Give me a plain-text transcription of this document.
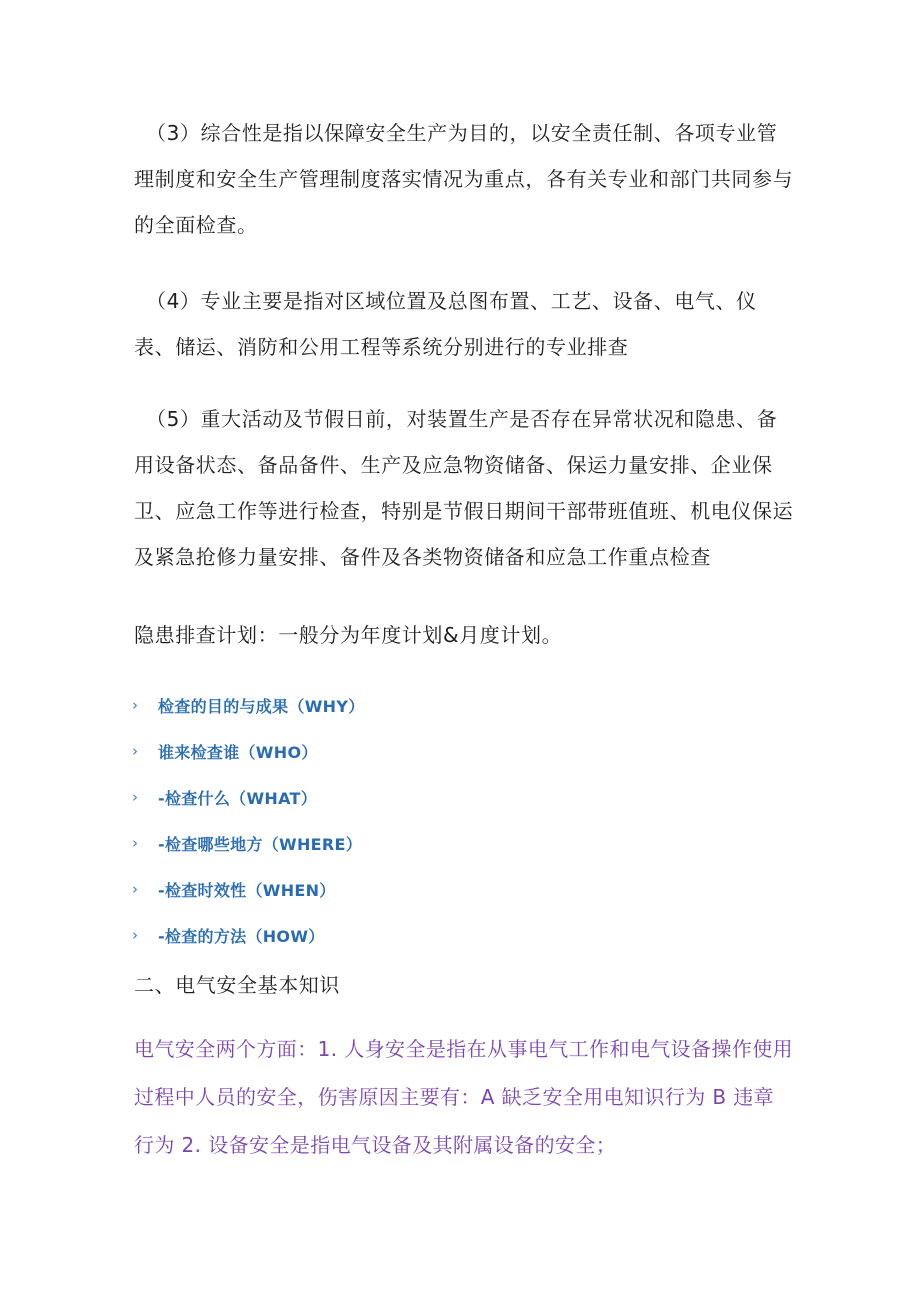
（3）综合性是指以保障安全生产为目的，以安全责任制、各项专业管理制度和安全生产管理制度落实情况为重点，各有关专业和部门共同参与的全面检查。

（4）专业主要是指对区域位置及总图布置、工艺、设备、电气、仪表、储运、消防和公用工程等系统分别进行的专业排查

（5）重大活动及节假日前，对装置生产是否存在异常状况和隐患、备用设备状态、备品备件、生产及应急物资储备、保运力量安排、企业保卫、应急工作等进行检查，特别是节假日期间干部带班值班、机电仪保运及紧急抢修力量安排、备件及各类物资储备和应急工作重点检查

隐患排查计划：一般分为年度计划&月度计划。

›	检查的目的与成果（WHY）
›	谁来检查谁（WHO）
›	-检查什么（WHAT）
›	-检查哪些地方（WHERE）
›	-检查时效性（WHEN）
›	-检查的方法（HOW）
二、电气安全基本知识

电气安全两个方面：1. 人身安全是指在从事电气工作和电气设备操作使用过程中人员的安全，伤害原因主要有：A 缺乏安全用电知识行为 B 违章行为 2. 设备安全是指电气设备及其附属设备的安全；
